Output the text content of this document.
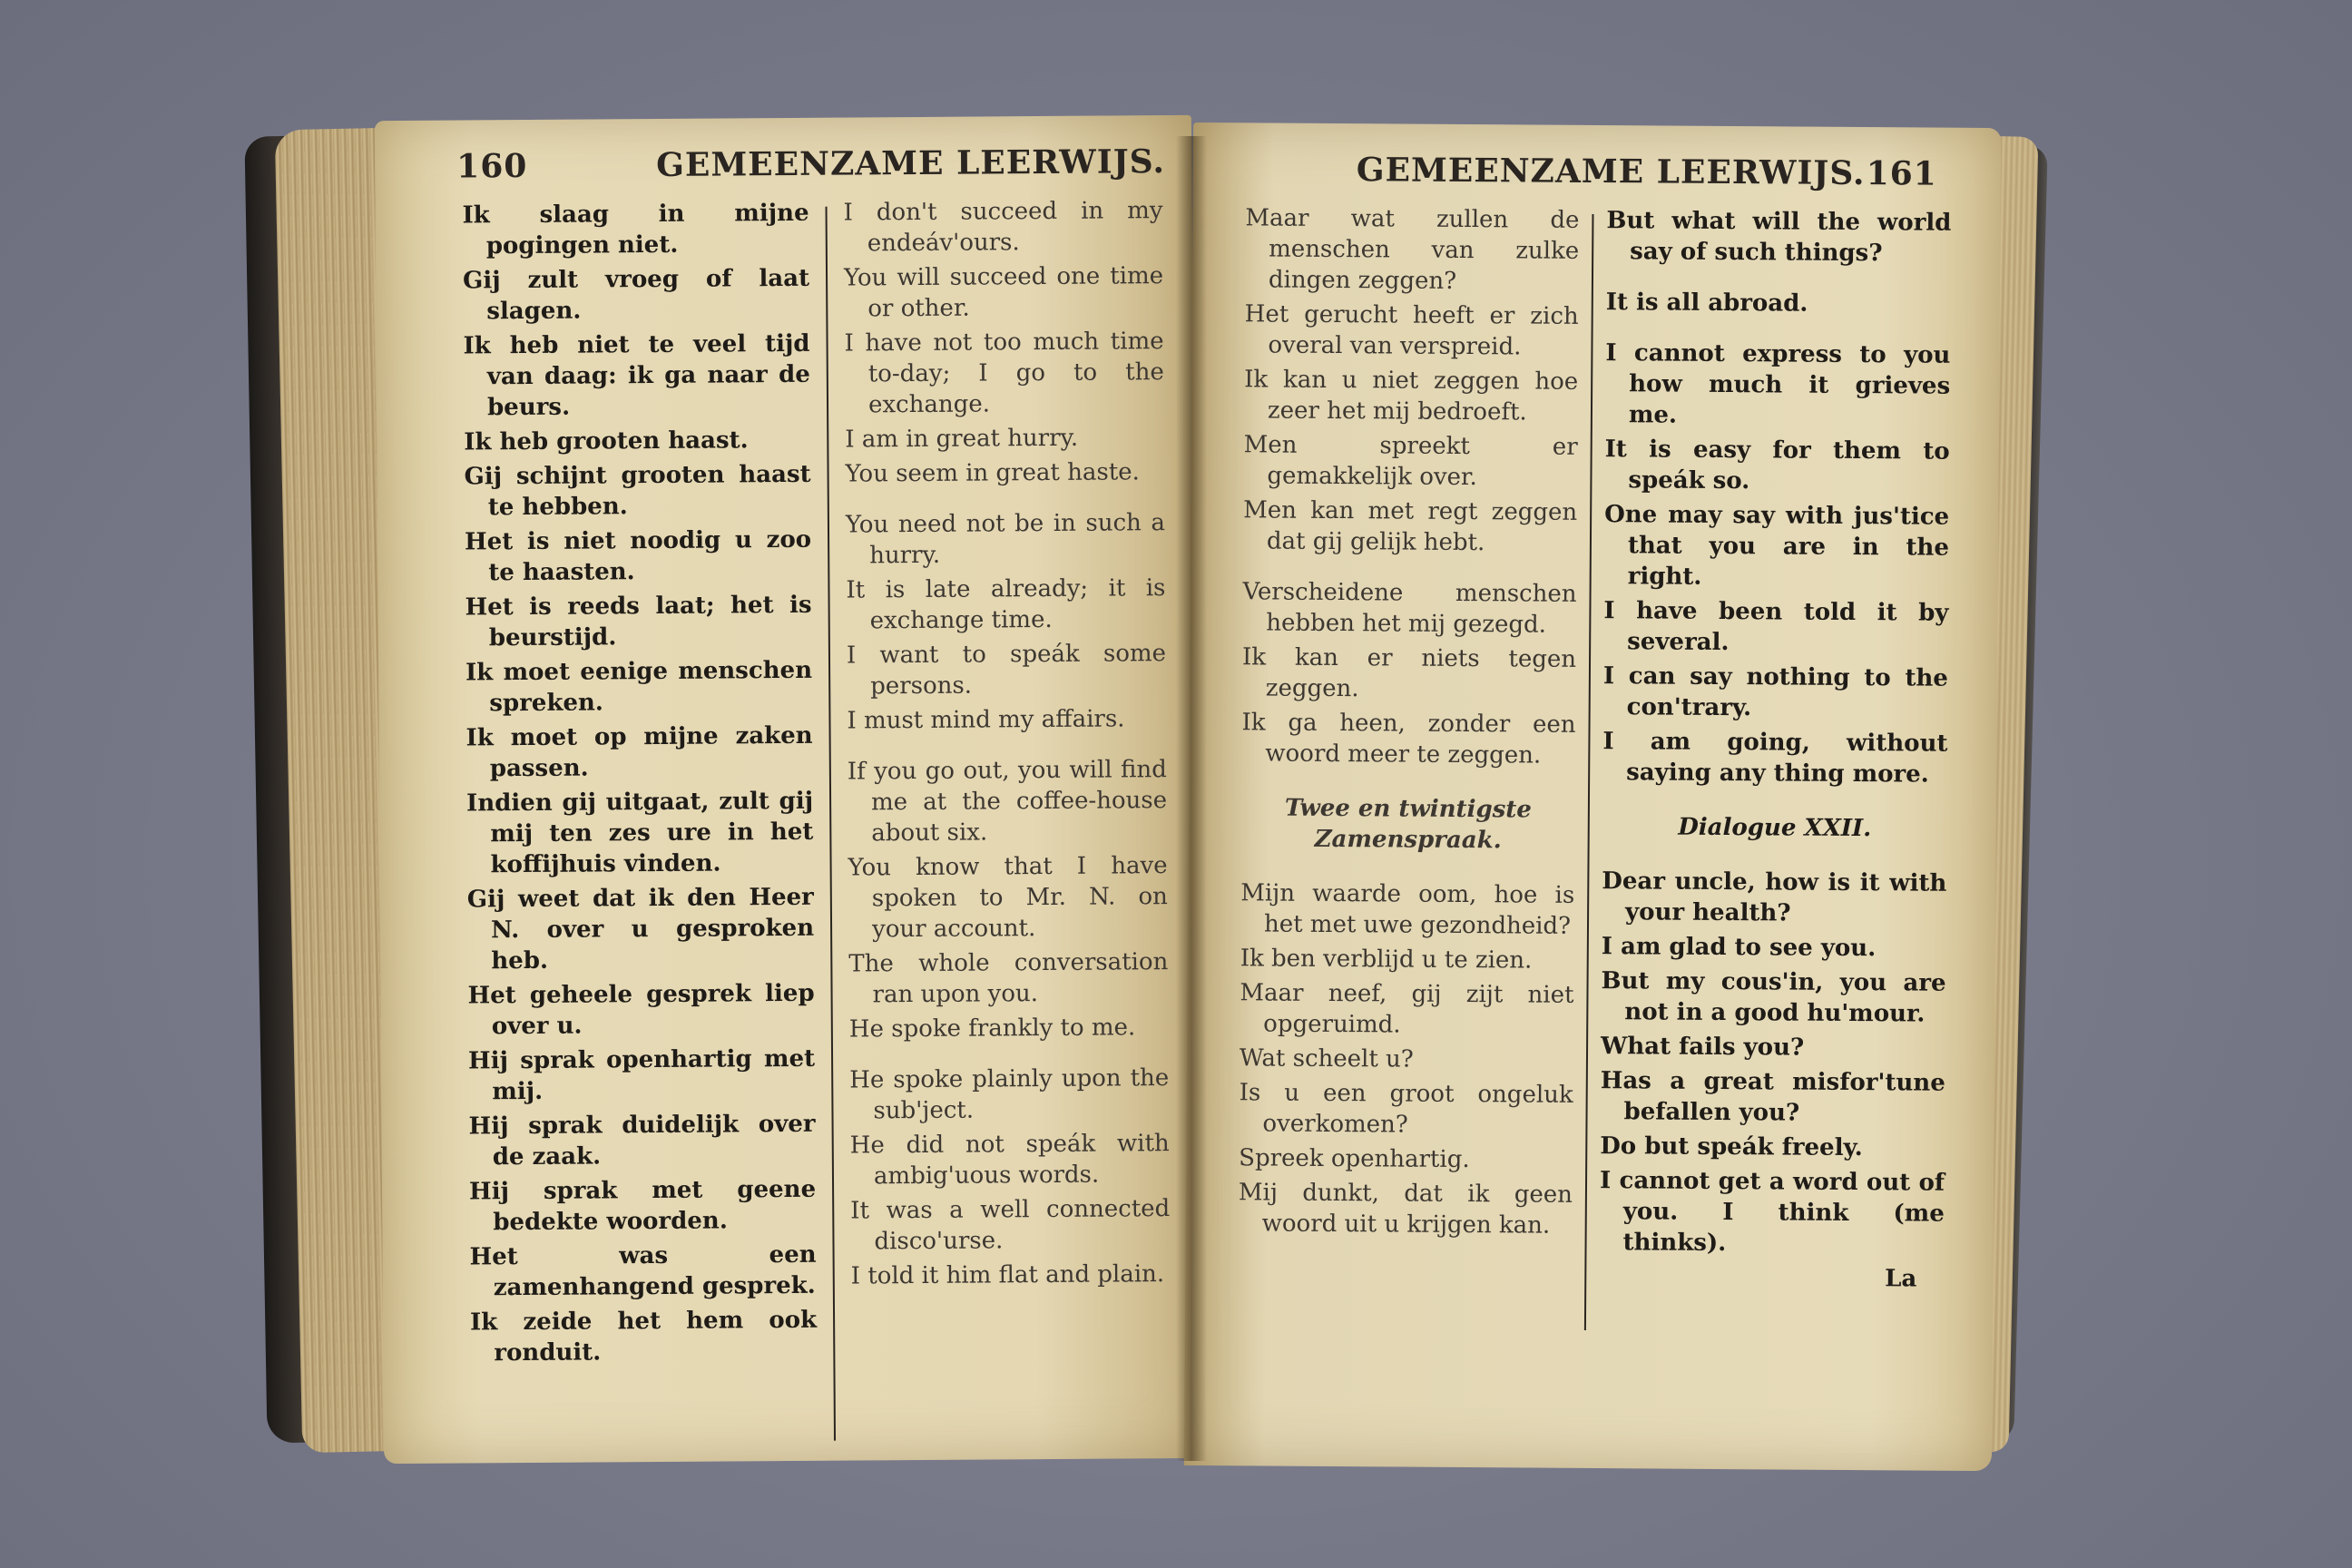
160	GEMEENZAME LEERWIJS.

Ik slaag in mijne pogingen niet.

Gij zult vroeg of laat slagen.

Ik heb niet te veel tijd van daag: ik ga naar de beurs.

Ik heb grooten haast.

Gij schijnt grooten haast te hebben.

Het is niet noodig u zoo te haasten.

Het is reeds laat; het is beurstijd.

Ik moet eenige menschen spreken.

Ik moet op mijne zaken passen.

Indien gij uitgaat, zult gij mij ten zes ure in het koffijhuis vinden.

Gij weet dat ik den Heer N. over u gesproken heb.

Het geheele gesprek liep over u.

Hij sprak openhartig met mij.

Hij sprak duidelijk over de zaak.

Hij sprak met geene bedekte woorden.

Het was een zamenhangend gesprek.

Ik zeide het hem ook ronduit.

I don't succeed in my endeáv'ours.

You will succeed one time or other.

I have not too much time to-day; I go to the exchange.

I am in great hurry.

You seem in great haste.

You need not be in such a hurry.

It is late already; it is exchange time.

I want to speák some persons.

I must mind my affairs.

If you go out, you will find me at the coffee-house about six.

You know that I have spoken to Mr. N. on your account.

The whole conversation ran upon you.

He spoke frankly to me.

He spoke plainly upon the sub'ject.

He did not speák with ambig'uous words.

It was a well connected disco'urse.

I told it him flat and plain.

GEMEENZAME LEERWIJS. 161

Maar wat zullen de menschen van zulke dingen zeggen?

Het gerucht heeft er zich overal van verspreid.

Ik kan u niet zeggen hoe zeer het mij bedroeft.

Men spreekt er gemakkelijk over.

Men kan met regt zeggen dat gij gelijk hebt.

Verscheidene menschen hebben het mij gezegd.

Ik kan er niets tegen zeggen.

Ik ga heen, zonder een woord meer te zeggen.

Twee en twintigste Zamenspraak.

Mijn waarde oom, hoe is het met uwe gezondheid?

Ik ben verblijd u te zien.

Maar neef, gij zijt niet opgeruimd.

Wat scheelt u?

Is u een groot ongeluk overkomen?

Spreek openhartig.

Mij dunkt, dat ik geen woord uit u krijgen kan.

But what will the world say of such things?

It is all abroad.

I cannot express to you how much it grieves me.

It is easy for them to speák so.

One may say with jus'tice that you are in the right.

I have been told it by several.

I can say nothing to the con'trary.

I am going, without saying any thing more.

Dialogue XXII.

Dear uncle, how is it with your health?

I am glad to see you.

But my cous'in, you are not in a good hu'mour.

What fails you?

Has a great misfor'tune befallen you?

Do but speák freely.

I cannot get a word out of you. I think (me thinks).

La
